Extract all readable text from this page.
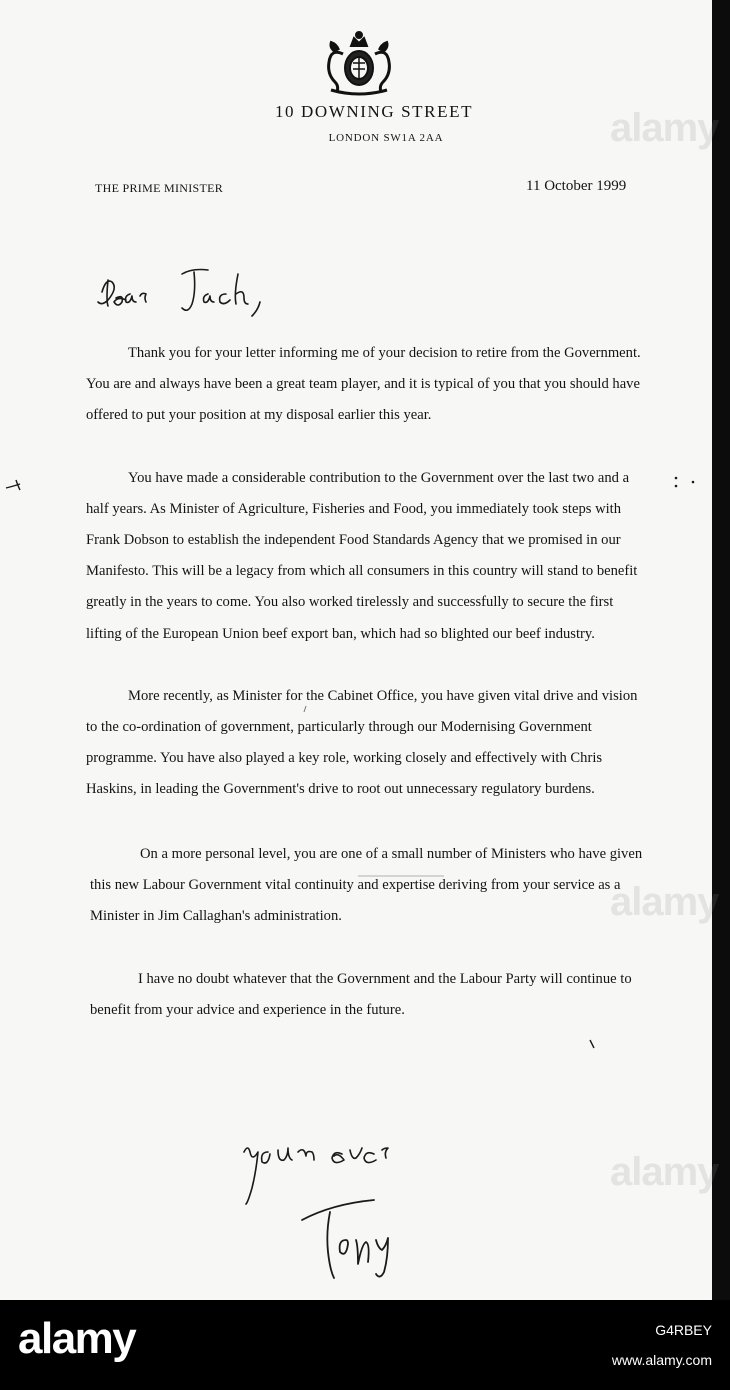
10 DOWNING STREET
LONDON SW1A 2AA
THE PRIME MINISTER	11 October 1999

Thank you for your letter informing me of your decision to retire from the Government. You are and always have been a great team player, and it is typical of you that you should have offered to put your position at my disposal earlier this year.

You have made a considerable contribution to the Government over the last two and a half years. As Minister of Agriculture, Fisheries and Food, you immediately took steps with Frank Dobson to establish the independent Food Standards Agency that we promised in our Manifesto. This will be a legacy from which all consumers in this country will stand to benefit greatly in the years to come. You also worked tirelessly and successfully to secure the first lifting of the European Union beef export ban, which had so blighted our beef industry.

More recently, as Minister for the Cabinet Office, you have given vital drive and vision to the co-ordination of government, particularly through our Modernising Government programme. You have also played a key role, working closely and effectively with Chris Haskins, in leading the Government's drive to root out unnecessary regulatory burdens.

On a more personal level, you are one of a small number of Ministers who have given this new Labour Government vital continuity and expertise deriving from your service as a Minister in Jim Callaghan's administration.

I have no doubt whatever that the Government and the Labour Party will continue to benefit from your advice and experience in the future.

alamy
alamy
alamy
alamy	G4RBEY
www.alamy.com
